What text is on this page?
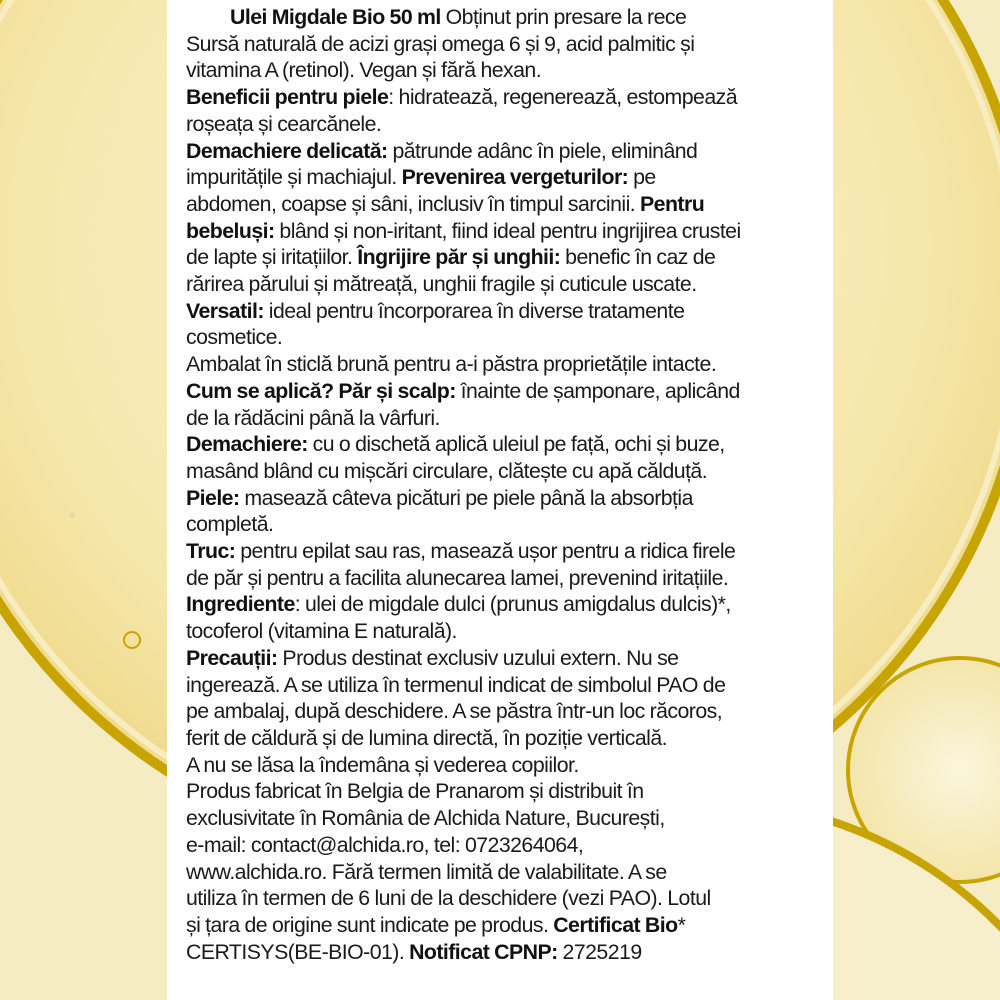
Ulei Migdale Bio 50 ml Obținut prin presare la rece
Sursă naturală de acizi grași omega 6 și 9, acid palmitic și
vitamina A (retinol). Vegan și fără hexan.
Beneficii pentru piele: hidratează, regenerează, estompează
roșeața și cearcănele.
Demachiere delicată: pătrunde adânc în piele, eliminând
impuritățile și machiajul. Prevenirea vergeturilor: pe
abdomen, coapse și sâni, inclusiv în timpul sarcinii. Pentru
bebeluși: blând și non-iritant, fiind ideal pentru ingrijirea crustei
de lapte și iritațiilor. Îngrijire păr și unghii: benefic în caz de
rărirea părului și mătreață, unghii fragile și cuticule uscate.
Versatil: ideal pentru încorporarea în diverse tratamente
cosmetice.
Ambalat în sticlă brună pentru a-i păstra proprietățile intacte.
Cum se aplică? Păr și scalp: înainte de șamponare, aplicând
de la rădăcini până la vârfuri.
Demachiere: cu o dischetă aplică uleiul pe față, ochi și buze,
masând blând cu mișcări circulare, clătește cu apă călduță.
Piele: masează câteva picături pe piele până la absorbția
completă.
Truc: pentru epilat sau ras, masează ușor pentru a ridica firele
de păr și pentru a facilita alunecarea lamei, prevenind iritațiile.
Ingrediente: ulei de migdale dulci (prunus amigdalus dulcis)*,
tocoferol (vitamina E naturală).
Precauții: Produs destinat exclusiv uzului extern. Nu se
ingerează. A se utiliza în termenul indicat de simbolul PAO de
pe ambalaj, după deschidere. A se păstra într-un loc răcoros,
ferit de căldură și de lumina directă, în poziție verticală.
A nu se lăsa la îndemâna și vederea copiilor.
Produs fabricat în Belgia de Pranarom și distribuit în
exclusivitate în România de Alchida Nature, București,
e-mail: contact@alchida.ro, tel: 0723264064,
www.alchida.ro. Fără termen limită de valabilitate. A se
utiliza în termen de 6 luni de la deschidere (vezi PAO). Lotul
și țara de origine sunt indicate pe produs. Certificat Bio*
CERTISYS(BE-BIO-01). Notificat CPNP: 2725219
